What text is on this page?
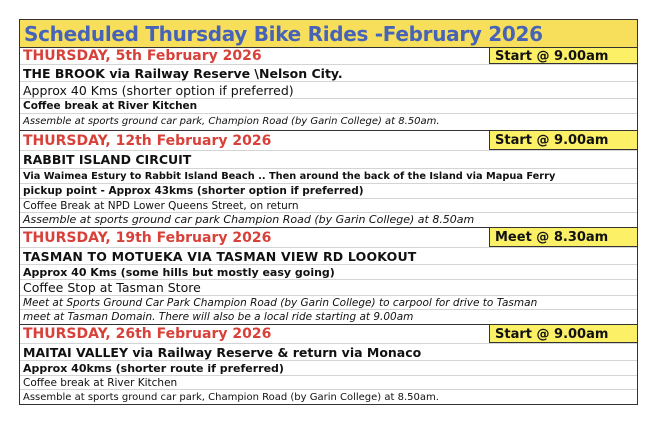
Scheduled Thursday Bike Rides -February 2026
THURSDAY, 5th February 2026	Start @ 9.00am
THE BROOK via Railway Reserve \Nelson City.
Approx 40 Kms (shorter option if preferred)
Coffee break at River Kitchen
Assemble at sports ground car park, Champion Road (by Garin College) at 8.50am.
THURSDAY, 12th February 2026	Start @ 9.00am
RABBIT ISLAND CIRCUIT
Via Waimea Estury to Rabbit Island Beach .. Then around the back of the Island via Mapua Ferry
pickup point - Approx 43kms (shorter option if preferred)
Coffee Break at NPD Lower Queens Street, on return
Assemble at sports ground car park Champion Road (by Garin College) at 8.50am
THURSDAY, 19th February 2026	Meet @ 8.30am
TASMAN TO MOTUEKA VIA TASMAN VIEW RD LOOKOUT
Approx 40 Kms (some hills but mostly easy going)
Coffee Stop at Tasman Store
Meet at Sports Ground Car Park Champion Road (by Garin College) to carpool for drive to Tasman
meet at Tasman Domain. There will also be a local ride starting at 9.00am
THURSDAY, 26th February 2026	Start @ 9.00am
MAITAI VALLEY via Railway Reserve & return via Monaco
Approx 40kms (shorter route if preferred)
Coffee break at River Kitchen
Assemble at sports ground car park, Champion Road (by Garin College) at 8.50am.
